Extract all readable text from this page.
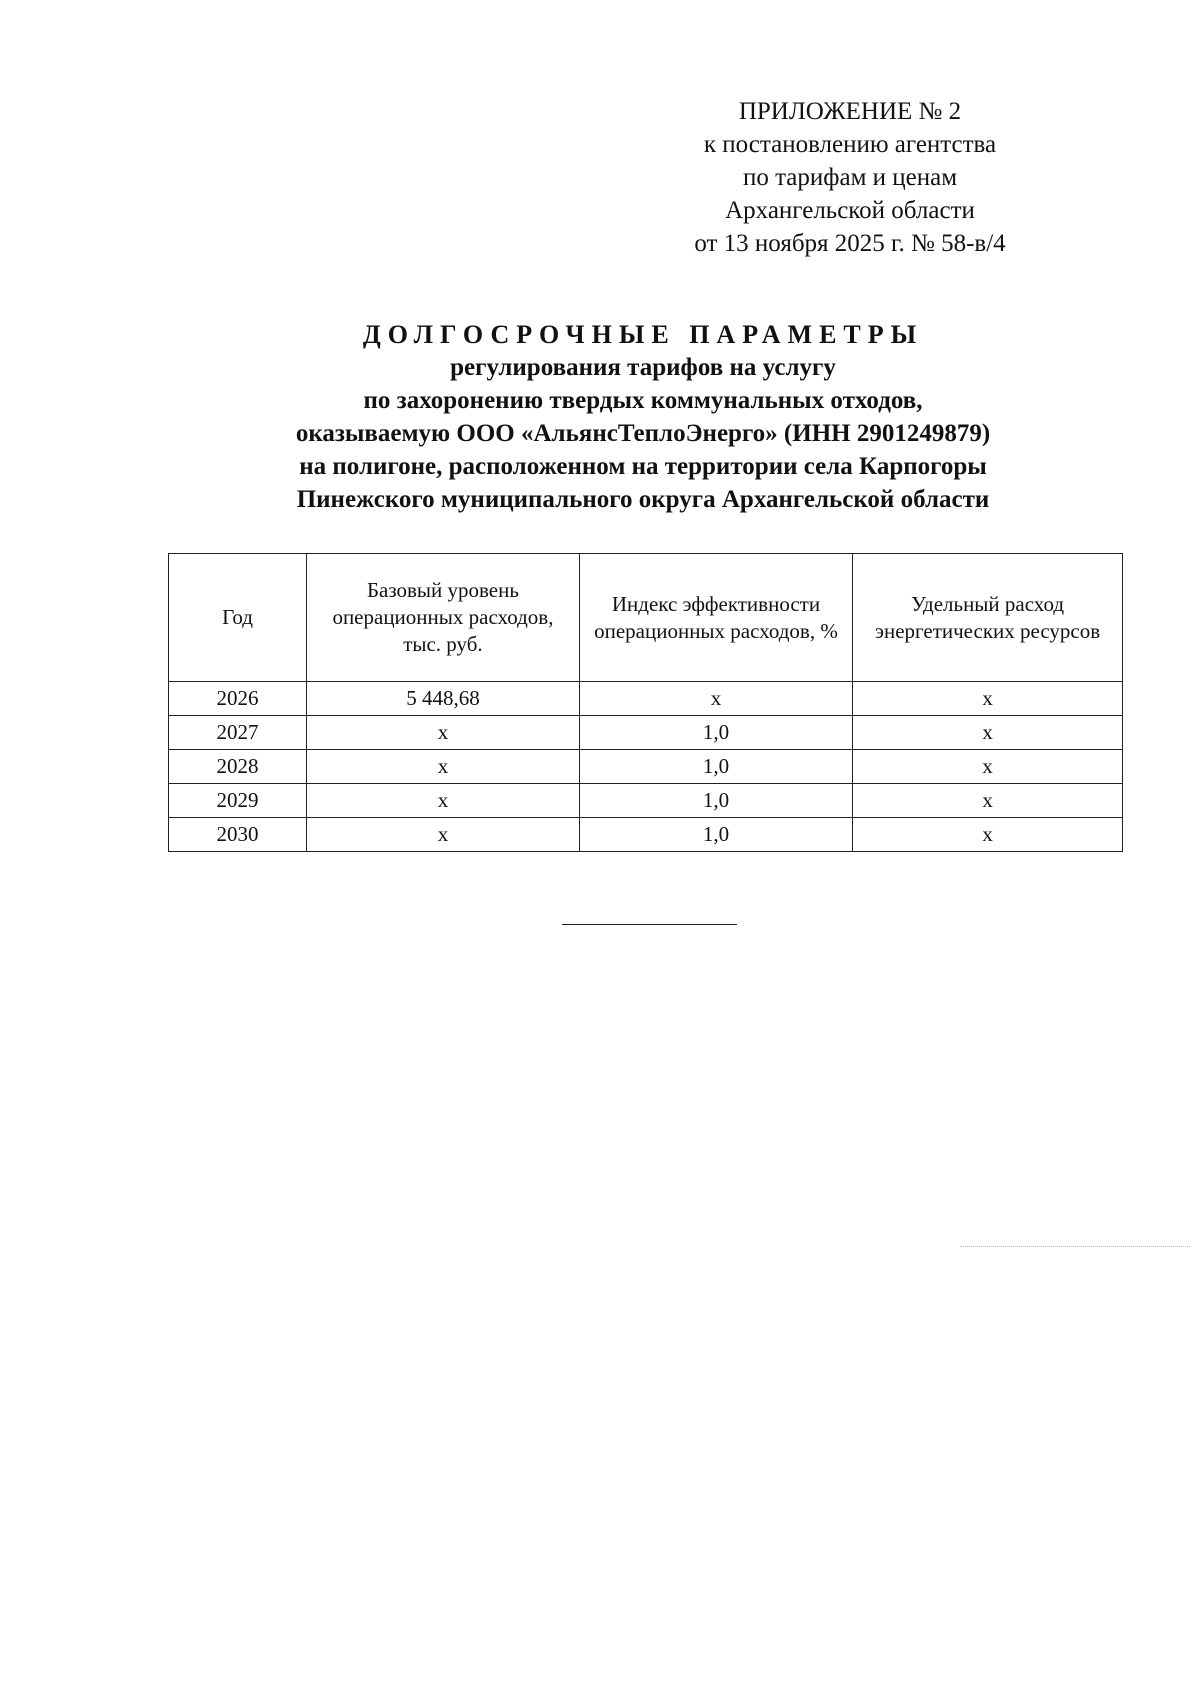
ПРИЛОЖЕНИЕ № 2
к постановлению агентства
по тарифам и ценам
Архангельской области
от 13 ноября 2025 г. № 58-в/4
ДОЛГОСРОЧНЫЕ ПАРАМЕТРЫ
регулирования тарифов на услугу
по захоронению твердых коммунальных отходов,
оказываемую ООО «АльянсТеплоЭнерго» (ИНН 2901249879)
на полигоне, расположенном на территории села Карпогоры
Пинежского муниципального округа Архангельской области
Год	Базовый уровень операционных расходов, тыс. руб.	Индекс эффективности операционных расходов, %	Удельный расход энергетических ресурсов
2026	5 448,68	х	х
2027	х	1,0	х
2028	х	1,0	х
2029	х	1,0	х
2030	х	1,0	х
